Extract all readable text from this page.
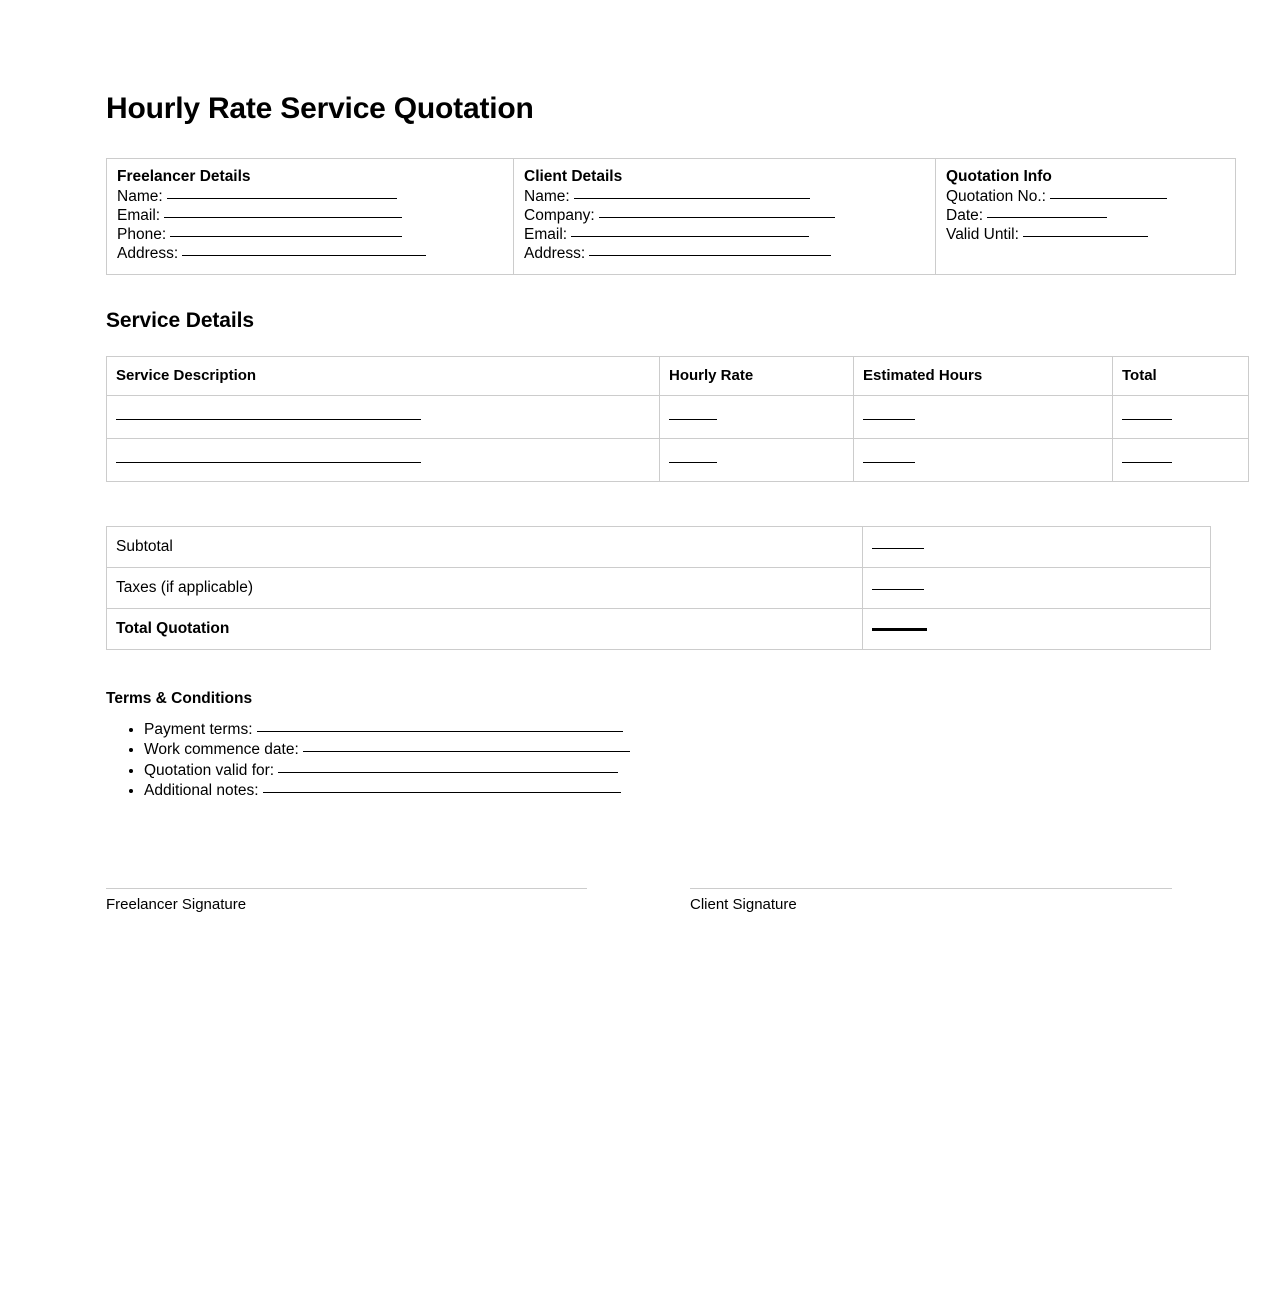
Hourly Rate Service Quotation
Freelancer Details
Name:
Email:
Phone:
Address:

Client Details
Name:
Company:
Email:
Address:

Quotation Info
Quotation No.:
Date:
Valid Until:
Service Details
Service Description	Hourly Rate	Estimated Hours	Total

Subtotal	
Taxes (if applicable)	
Total Quotation	
Terms & Conditions
• Payment terms:
• Work commence date:
• Quotation valid for:
• Additional notes:
Freelancer Signature	Client Signature
